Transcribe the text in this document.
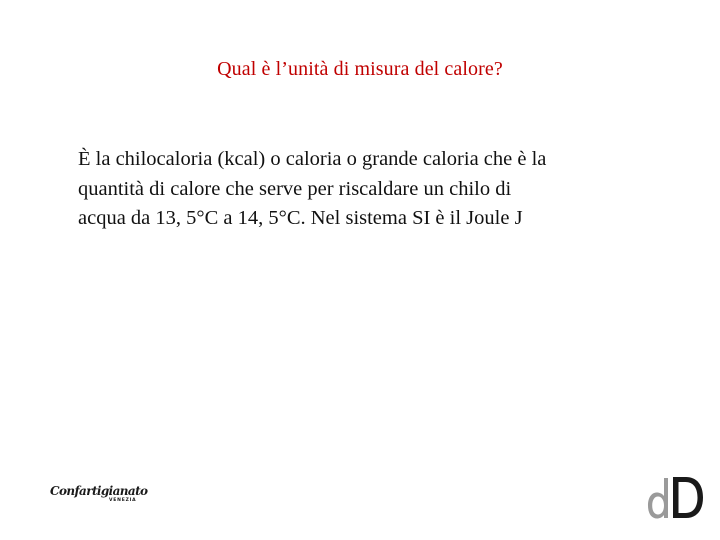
Qual è l’unità di misura del calore?

È la chilocaloria (kcal) o caloria o grande caloria che è la
quantità di calore che serve per riscaldare un chilo di
acqua da 13, 5°C a 14, 5°C. Nel sistema SI è il Joule J

Confartigianato
VENEZIA
